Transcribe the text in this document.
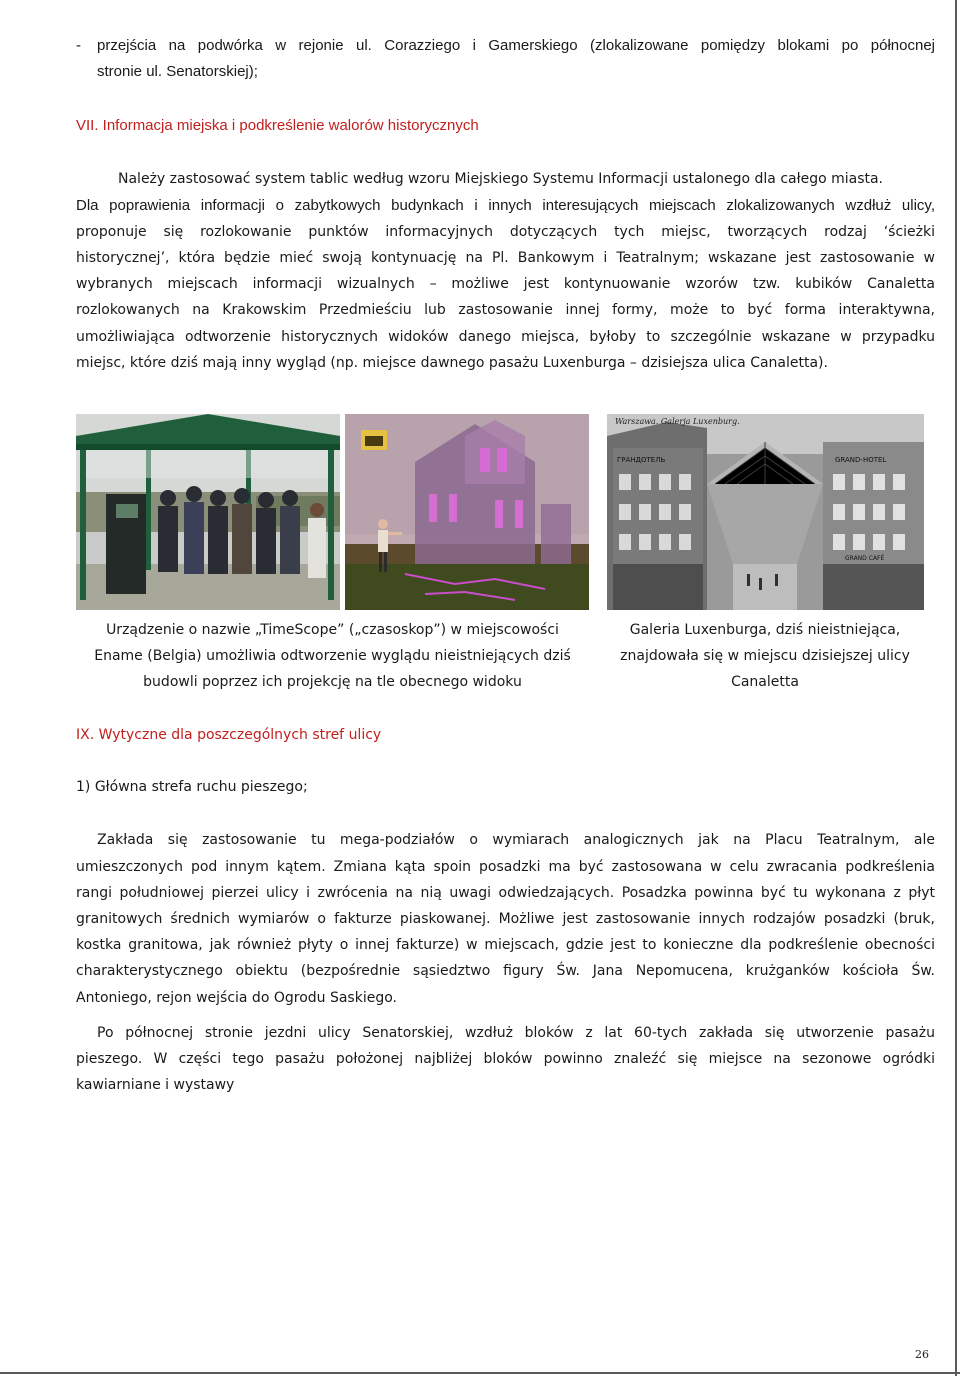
- przejścia na podwórka w rejonie ul. Corazziego i Gamerskiego (zlokalizowane pomiędzy blokami po północnej
stronie ul. Senatorskiej);
VII. Informacja miejska i podkreślenie walorów historycznych
Należy zastosować system tablic według wzoru Miejskiego Systemu Informacji ustalonego dla całego miasta.
Dla poprawienia informacji o zabytkowych budynkach i innych interesujących miejscach zlokalizowanych wzdłuż ulicy,
proponuje się rozlokowanie punktów informacyjnych dotyczących tych miejsc, tworzących rodzaj ‘ścieżki
historycznej’, która będzie mieć swoją kontynuację na Pl. Bankowym i Teatralnym; wskazane jest zastosowanie w
wybranych miejscach informacji wizualnych – możliwe jest kontynuowanie wzorów tzw. kubików Canaletta
rozlokowanych na Krakowskim Przedmieściu lub zastosowanie innej formy, może to być forma interaktywna,
umożliwiająca odtworzenie historycznych widoków danego miejsca, byłoby to szczególnie wskazane w przypadku
miejsc, które dziś mają inny wygląd (np. miejsce dawnego pasażu Luxenburga – dzisiejsza ulica Canaletta).
Warszawa. Galerja Luxenburg.
ГРАНДОТЕЛЬ	GRAND-HOTEL
GRAND CAFÉ
Urządzenie o nazwie „TimeScope” („czasoskop”) w miejscowości
Ename (Belgia) umożliwia odtworzenie wyglądu nieistniejących dziś
budowli poprzez ich projekcję na tle obecnego widoku
Galeria Luxenburga, dziś nieistniejąca,
znajdowała się w miejscu dzisiejszej ulicy
Canaletta
IX. Wytyczne dla poszczególnych stref ulicy
1) Główna strefa ruchu pieszego;
Zakłada się zastosowanie tu mega-podziałów o wymiarach analogicznych jak na Placu Teatralnym, ale
umieszczonych pod innym kątem. Zmiana kąta spoin posadzki ma być zastosowana w celu zwracania podkreślenia
rangi południowej pierzei ulicy i zwrócenia na nią uwagi odwiedzających. Posadzka powinna być tu wykonana z płyt
granitowych średnich wymiarów o fakturze piaskowanej. Możliwe jest zastosowanie innych rodzajów posadzki (bruk,
kostka granitowa, jak również płyty o innej fakturze) w miejscach, gdzie jest to konieczne dla podkreślenie obecności
charakterystycznego obiektu (bezpośrednie sąsiedztwo figury Św. Jana Nepomucena, krużganków kościoła Św.
Antoniego, rejon wejścia do Ogrodu Saskiego.
Po północnej stronie jezdni ulicy Senatorskiej, wzdłuż bloków z lat 60-tych zakłada się utworzenie pasażu
pieszego. W części tego pasażu położonej najbliżej bloków powinno znaleźć się miejsce na sezonowe ogródki
kawiarniane i wystawy
26
